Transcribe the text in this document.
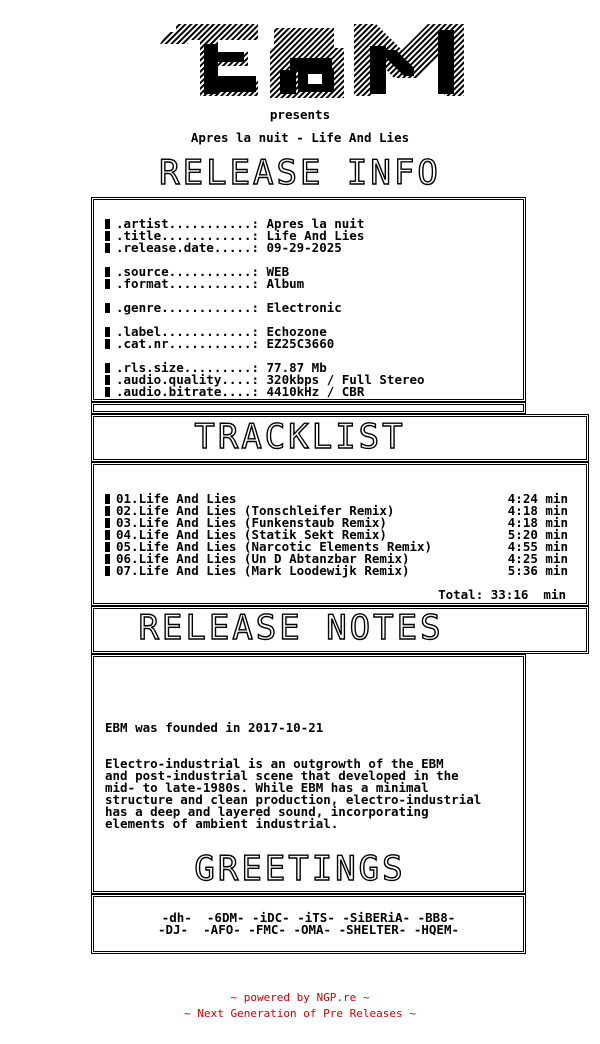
presents
Apres la nuit - Life And Lies
RELEASE INFO
.artist...........: Apres la nuit
.title............: Life And Lies
.release.date.....: 09-29-2025
.source...........: WEB
.format...........: Album
.genre............: Electronic
.label............: Echozone
.cat.nr...........: EZ25C3660
.rls.size.........: 77.87 Mb
.audio.quality....: 320kbps / Full Stereo
.audio.bitrate....: 4410kHz / CBR
TRACKLIST
01.Life And Lies	4:24 min
02.Life And Lies (Tonschleifer Remix)	4:18 min
03.Life And Lies (Funkenstaub Remix)	4:18 min
04.Life And Lies (Statik Sekt Remix)	5:20 min
05.Life And Lies (Narcotic Elements Remix)	4:55 min
06.Life And Lies (Un D Abtanzbar Remix)	4:25 min
07.Life And Lies (Mark Loodewijk Remix)	5:36 min
Total: 33:16  min
RELEASE NOTES
EBM was founded in 2017-10-21
Electro-industrial is an outgrowth of the EBM
and post-industrial scene that developed in the
mid- to late-1980s. While EBM has a minimal
structure and clean production, electro-industrial
has a deep and layered sound, incorporating
elements of ambient industrial.
GREETINGS
-dh-  -6DM- -iDC- -iTS- -SiBERiA- -BB8-
-DJ-  -AFO- -FMC- -OMA- -SHELTER- -HQEM-
~ powered by NGP.re ~
~ Next Generation of Pre Releases ~
